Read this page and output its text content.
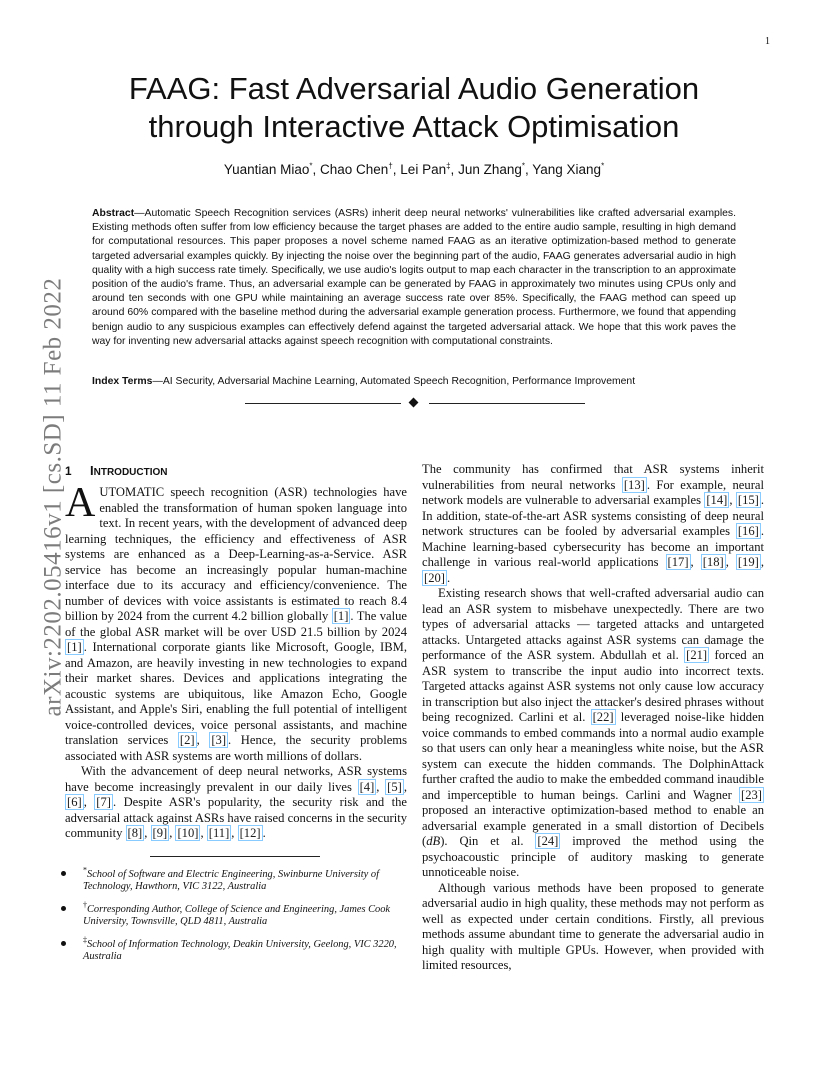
1
arXiv:2202.05416v1 [cs.SD] 11 Feb 2022
FAAG: Fast Adversarial Audio Generation
through Interactive Attack Optimisation
Yuantian Miao*, Chao Chen†, Lei Pan‡, Jun Zhang*, Yang Xiang*
Abstract—Automatic Speech Recognition services (ASRs) inherit deep neural networks' vulnerabilities like crafted adversarial examples. Existing methods often suffer from low efficiency because the target phases are added to the entire audio sample, resulting in high demand for computational resources. This paper proposes a novel scheme named FAAG as an iterative optimization-based method to generate targeted adversarial examples quickly. By injecting the noise over the beginning part of the audio, FAAG generates adversarial audio in high quality with a high success rate timely. Specifically, we use audio's logits output to map each character in the transcription to an approximate position of the audio's frame. Thus, an adversarial example can be generated by FAAG in approximately two minutes using CPUs only and around ten seconds with one GPU while maintaining an average success rate over 85%. Specifically, the FAAG method can speed up around 60% compared with the baseline method during the adversarial example generation process. Furthermore, we found that appending benign audio to any suspicious examples can effectively defend against the targeted adversarial attack. We hope that this work paves the way for inventing new adversarial attacks against speech recognition with computational constraints.
Index Terms—AI Security, Adversarial Machine Learning, Automated Speech Recognition, Performance Improvement
1 INTRODUCTION

AUTOMATIC speech recognition (ASR) technologies have enabled the transformation of human spoken language into text. In recent years, with the development of advanced deep learning techniques, the efficiency and effectiveness of ASR systems are enhanced as a Deep-Learning-as-a-Service. ASR service has become an increasingly popular human-machine interface due to its accuracy and efficiency/convenience. The number of devices with voice assistants is estimated to reach 8.4 billion by 2024 from the current 4.2 billion globally [1] . The value of the global ASR market will be over USD 21.5 billion by 2024 [1] . International corporate giants like Microsoft, Google, IBM, and Amazon, are heavily investing in new technologies to expand their market shares. Devices and applications integrating the acoustic systems are ubiquitous, like Amazon Echo, Google Assistant, and Apple's Siri, enabling the full potential of intelligent voice-controlled devices, voice personal assistants, and machine translation services [2] , [3] . Hence, the security problems associated with ASR systems are worth millions of dollars.

With the advancement of deep neural networks, ASR systems have become increasingly prevalent in our daily lives [4] , [5] , [6] , [7] . Despite ASR's popularity, the security risk and the adversarial attack against ASRs have raised concerns in the security community [8] , [9] , [10] , [11] , [12] .

*School of Software and Electric Engineering, Swinburne University of Technology, Hawthorn, VIC 3122, Australia
†Corresponding Author, College of Science and Engineering, James Cook University, Townsville, QLD 4811, Australia
‡School of Information Technology, Deakin University, Geelong, VIC 3220, Australia

The community has confirmed that ASR systems inherit vulnerabilities from neural networks [13] . For example, neural network models are vulnerable to adversarial examples [14] , [15] . In addition, state-of-the-art ASR systems consisting of deep neural network structures can be fooled by adversarial examples [16] . Machine learning-based cybersecurity has become an important challenge in various real-world applications [17] , [18] , [19] , [20] .

Existing research shows that well-crafted adversarial audio can lead an ASR system to misbehave unexpectedly. There are two types of adversarial attacks — targeted attacks and untargeted attacks. Untargeted attacks against ASR systems can damage the performance of the ASR system. Abdullah et al. [21] forced an ASR system to transcribe the input audio into incorrect texts. Targeted attacks against ASR systems not only cause low accuracy in transcription but also inject the attacker's desired phrases without being recognized. Carlini et al. [22] leveraged noise-like hidden voice commands to embed commands into a normal audio example so that users can only hear a meaningless white noise, but the ASR system can execute the hidden commands. The DolphinAttack further crafted the audio to make the embedded command inaudible and imperceptible to human beings. Carlini and Wagner [23] proposed an interactive optimization-based method to enable an adversarial example generated in a small distortion of Decibels (dB). Qin et al. [24] improved the method using the psychoacoustic principle of auditory masking to generate unnoticeable noise.

Although various methods have been proposed to generate adversarial audio in high quality, these methods may not perform as well as expected under certain conditions. Firstly, all previous methods assume abundant time to generate the adversarial audio in high quality with multiple GPUs. However, when provided with limited resources,
